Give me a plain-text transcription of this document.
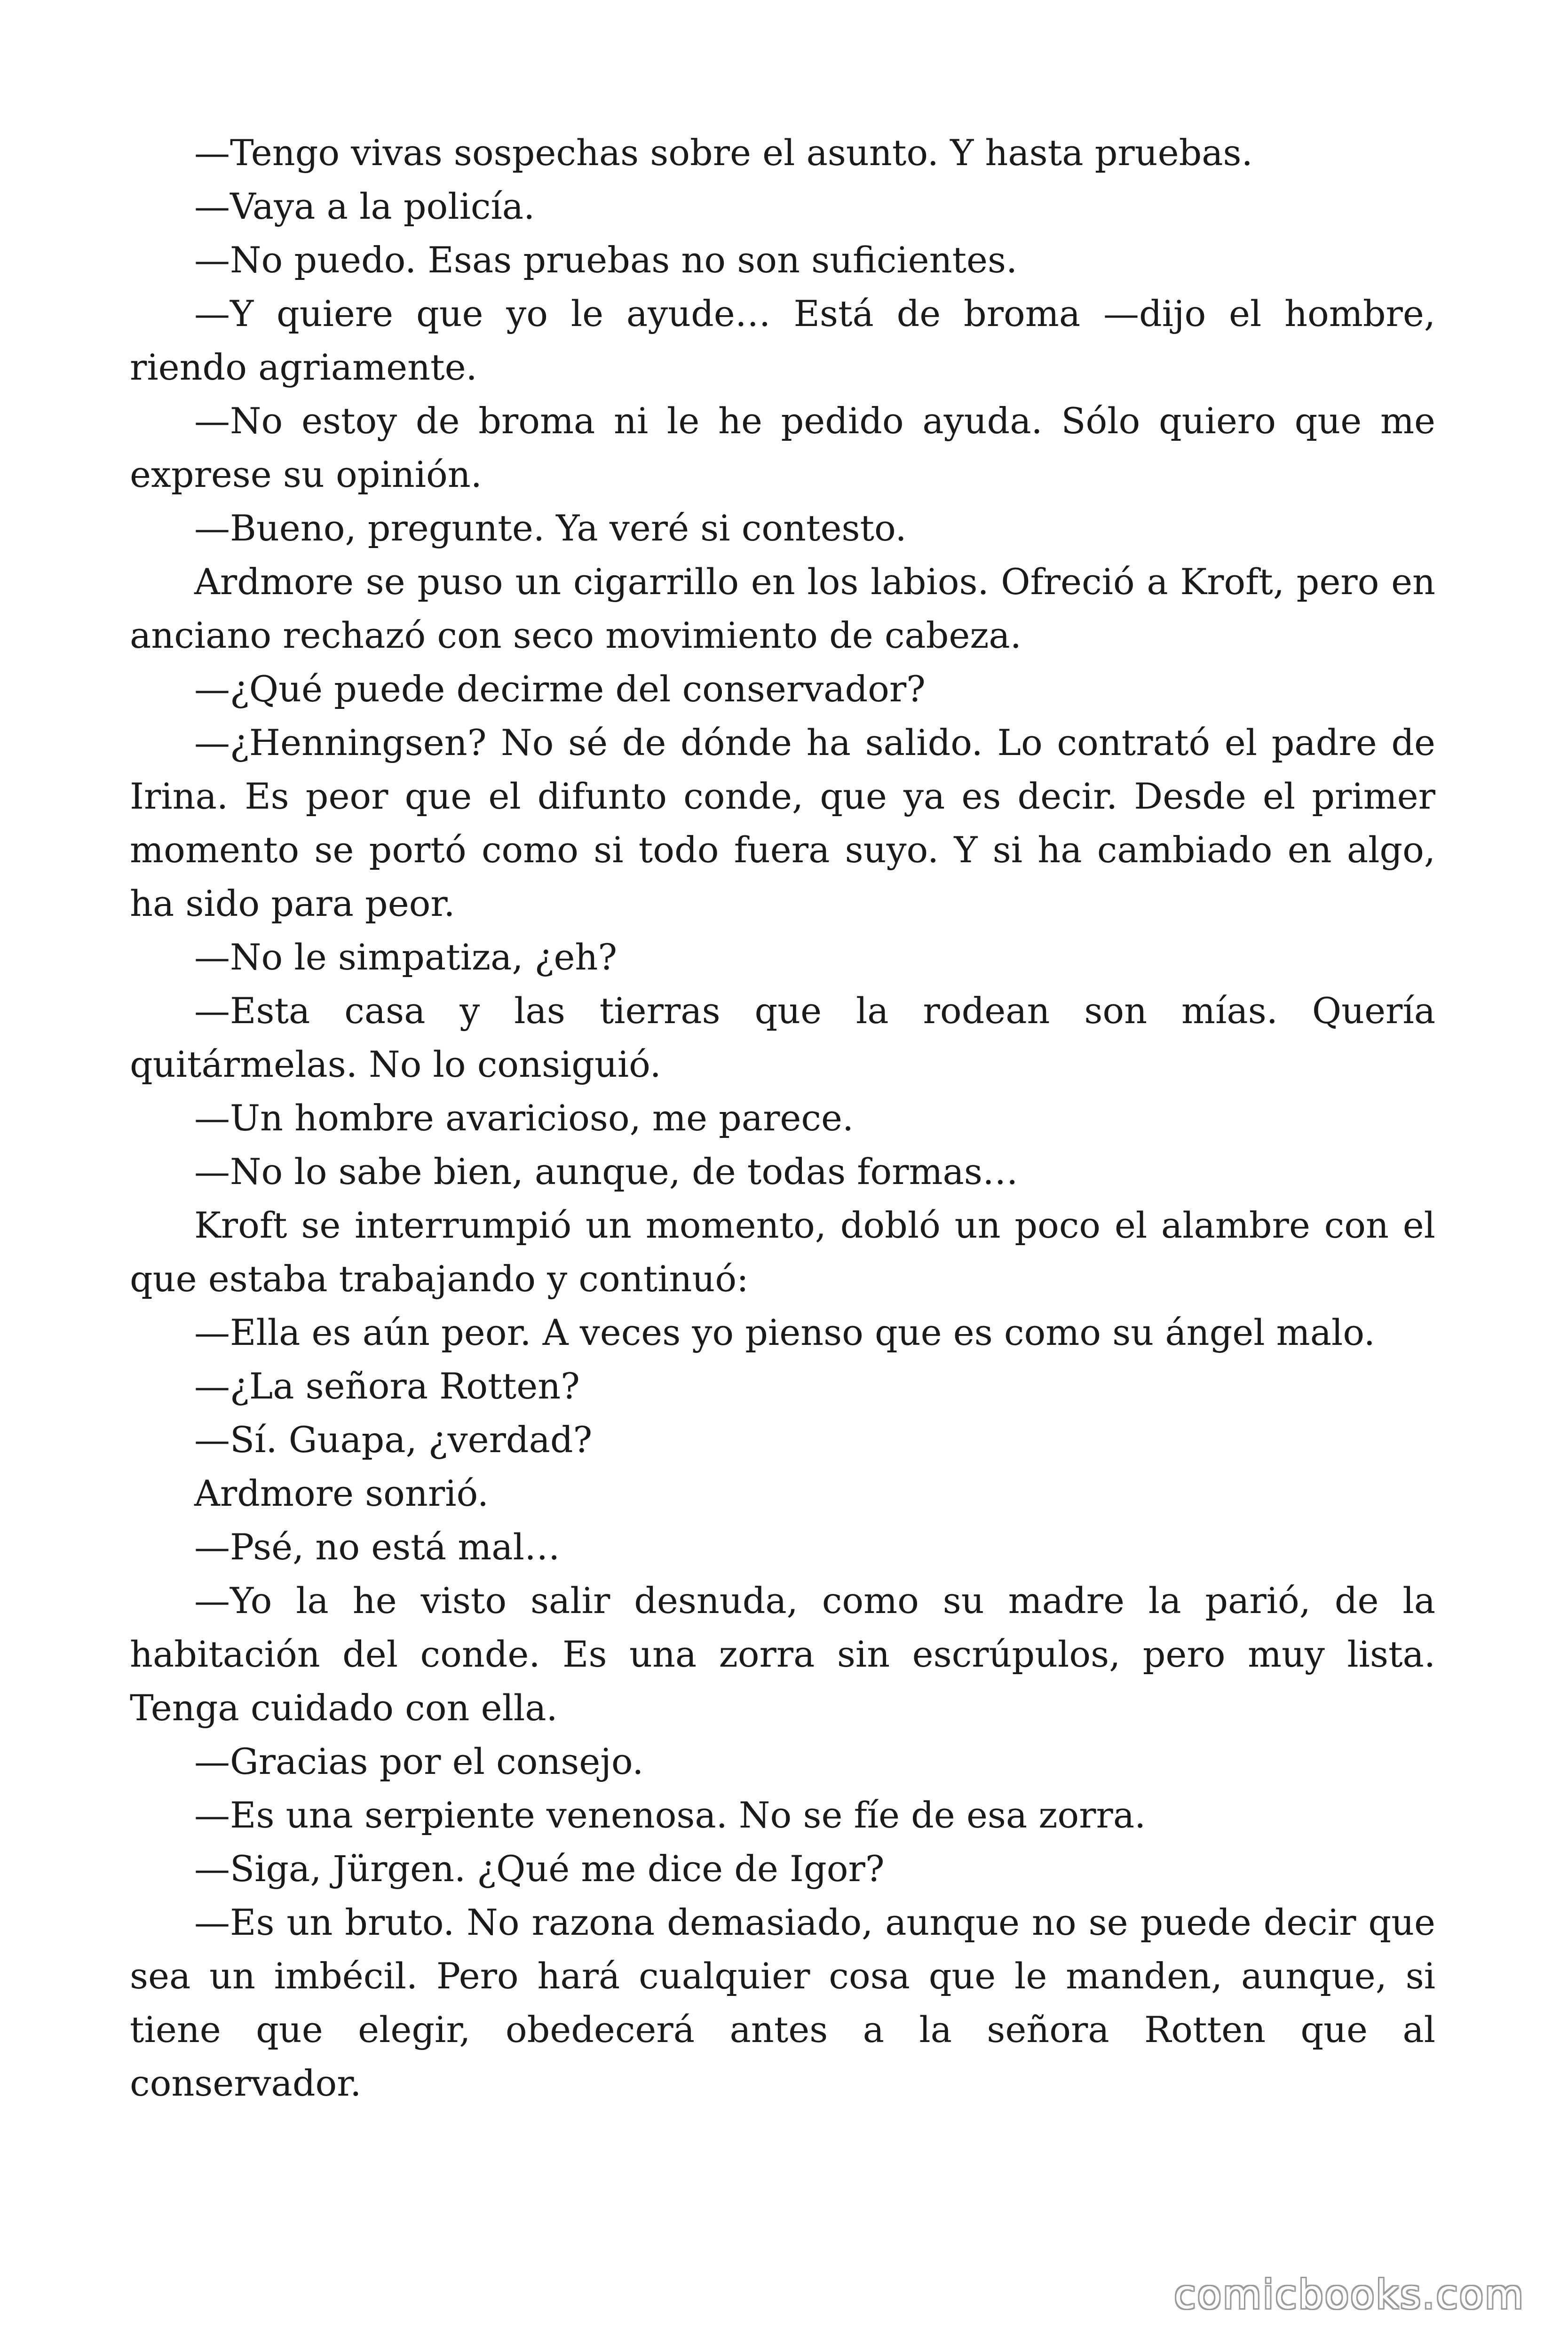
—Tengo vivas sospechas sobre el asunto. Y hasta pruebas.

—Vaya a la policía.

—No puedo. Esas pruebas no son suficientes.

—Y quiere que yo le ayude… Está de broma —dijo el hombre, riendo agriamente.

—No estoy de broma ni le he pedido ayuda. Sólo quiero que me exprese su opinión.

—Bueno, pregunte. Ya veré si contesto.

Ardmore se puso un cigarrillo en los labios. Ofreció a Kroft, pero en anciano rechazó con seco movimiento de cabeza.

—¿Qué puede decirme del conservador?

—¿Henningsen? No sé de dónde ha salido. Lo contrató el padre de Irina. Es peor que el difunto conde, que ya es decir. Desde el primer momento se portó como si todo fuera suyo. Y si ha cambiado en algo, ha sido para peor.

—No le simpatiza, ¿eh?

—Esta casa y las tierras que la rodean son mías. Quería quitármelas. No lo consiguió.

—Un hombre avaricioso, me parece.

—No lo sabe bien, aunque, de todas formas…

Kroft se interrumpió un momento, dobló un poco el alambre con el que estaba trabajando y continuó:

—Ella es aún peor. A veces yo pienso que es como su ángel malo.

—¿La señora Rotten?

—Sí. Guapa, ¿verdad?

Ardmore sonrió.

—Psé, no está mal…

—Yo la he visto salir desnuda, como su madre la parió, de la habitación del conde. Es una zorra sin escrúpulos, pero muy lista. Tenga cuidado con ella.

—Gracias por el consejo.

—Es una serpiente venenosa. No se fíe de esa zorra.

—Siga, Jürgen. ¿Qué me dice de Igor?

—Es un bruto. No razona demasiado, aunque no se puede decir que sea un imbécil. Pero hará cualquier cosa que le manden, aunque, si tiene que elegir, obedecerá antes a la señora Rotten que al conservador.

comicbooks.com
